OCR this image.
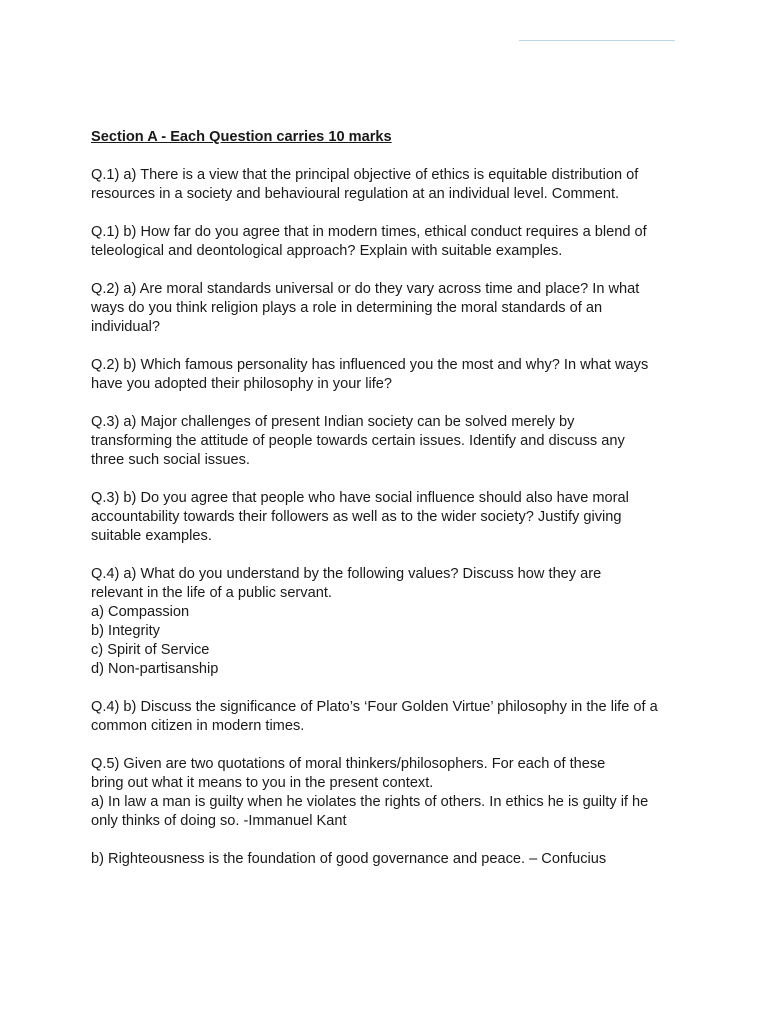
Section A - Each Question carries 10 marks
Q.1) a) There is a view that the principal objective of ethics is equitable distribution of
resources in a society and behavioural regulation at an individual level. Comment.
Q.1) b) How far do you agree that in modern times, ethical conduct requires a blend of
teleological and deontological approach? Explain with suitable examples.
Q.2) a) Are moral standards universal or do they vary across time and place? In what
ways do you think religion plays a role in determining the moral standards of an
individual?
Q.2) b) Which famous personality has influenced you the most and why? In what ways
have you adopted their philosophy in your life?
Q.3) a) Major challenges of present Indian society can be solved merely by
transforming the attitude of people towards certain issues. Identify and discuss any
three such social issues.
Q.3) b) Do you agree that people who have social influence should also have moral
accountability towards their followers as well as to the wider society? Justify giving
suitable examples.
Q.4) a) What do you understand by the following values? Discuss how they are
relevant in the life of a public servant.
a) Compassion
b) Integrity
c) Spirit of Service
d) Non-partisanship
Q.4) b) Discuss the significance of Plato’s ‘Four Golden Virtue’ philosophy in the life of a
common citizen in modern times.
Q.5) Given are two quotations of moral thinkers/philosophers. For each of these
bring out what it means to you in the present context.
a) In law a man is guilty when he violates the rights of others. In ethics he is guilty if he
only thinks of doing so. -Immanuel Kant
b) Righteousness is the foundation of good governance and peace. – Confucius
